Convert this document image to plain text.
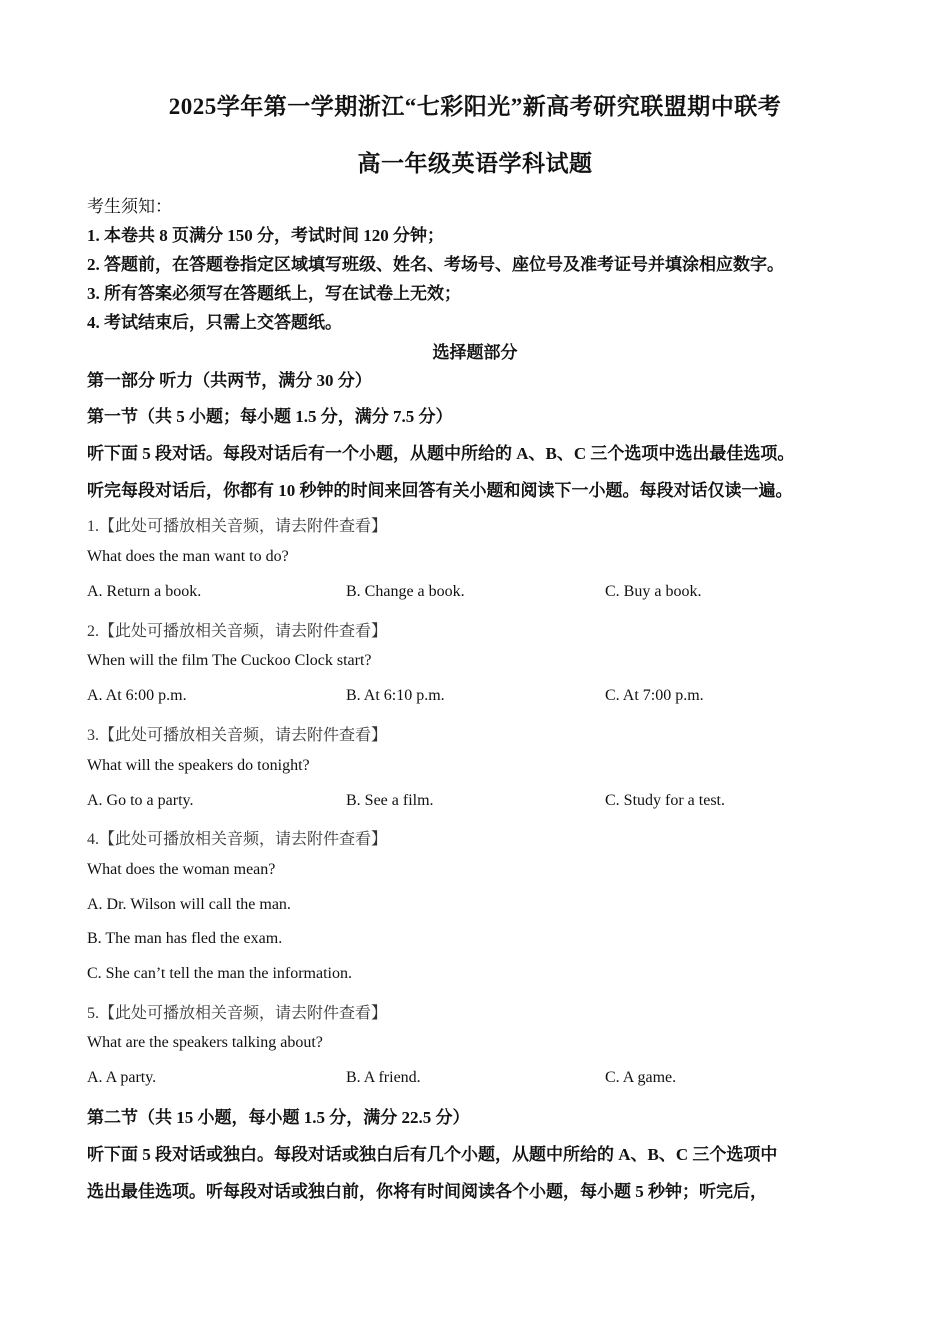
2025学年第一学期浙江“七彩阳光”新高考研究联盟期中联考
高一年级英语学科试题
考生须知：
1. 本卷共 8 页满分 150 分，考试时间 120 分钟；
2. 答题前，在答题卷指定区域填写班级、姓名、考场号、座位号及准考证号并填涂相应数字。
3. 所有答案必须写在答题纸上，写在试卷上无效；
4. 考试结束后，只需上交答题纸。
选择题部分
第一部分 听力（共两节，满分 30 分）
第一节（共 5 小题；每小题 1.5 分，满分 7.5 分）
听下面 5 段对话。每段对话后有一个小题，从题中所给的 A、B、C 三个选项中选出最佳选项。
听完每段对话后，你都有 10 秒钟的时间来回答有关小题和阅读下一小题。每段对话仅读一遍。
1.【此处可播放相关音频，请去附件查看】
What does the man want to do?
A. Return a book.	B. Change a book.	C. Buy a book.
2.【此处可播放相关音频，请去附件查看】
When will the film The Cuckoo Clock start?
A. At 6:00 p.m.	B. At 6:10 p.m.	C. At 7:00 p.m.
3.【此处可播放相关音频，请去附件查看】
What will the speakers do tonight?
A. Go to a party.	B. See a film.	C. Study for a test.
4.【此处可播放相关音频，请去附件查看】
What does the woman mean?
A. Dr. Wilson will call the man.
B. The man has fled the exam.
C. She can’t tell the man the information.
5.【此处可播放相关音频，请去附件查看】
What are the speakers talking about?
A. A party.	B. A friend.	C. A game.
第二节（共 15 小题，每小题 1.5 分，满分 22.5 分）
听下面 5 段对话或独白。每段对话或独白后有几个小题，从题中所给的 A、B、C 三个选项中
选出最佳选项。听每段对话或独白前，你将有时间阅读各个小题，每小题 5 秒钟；听完后，
